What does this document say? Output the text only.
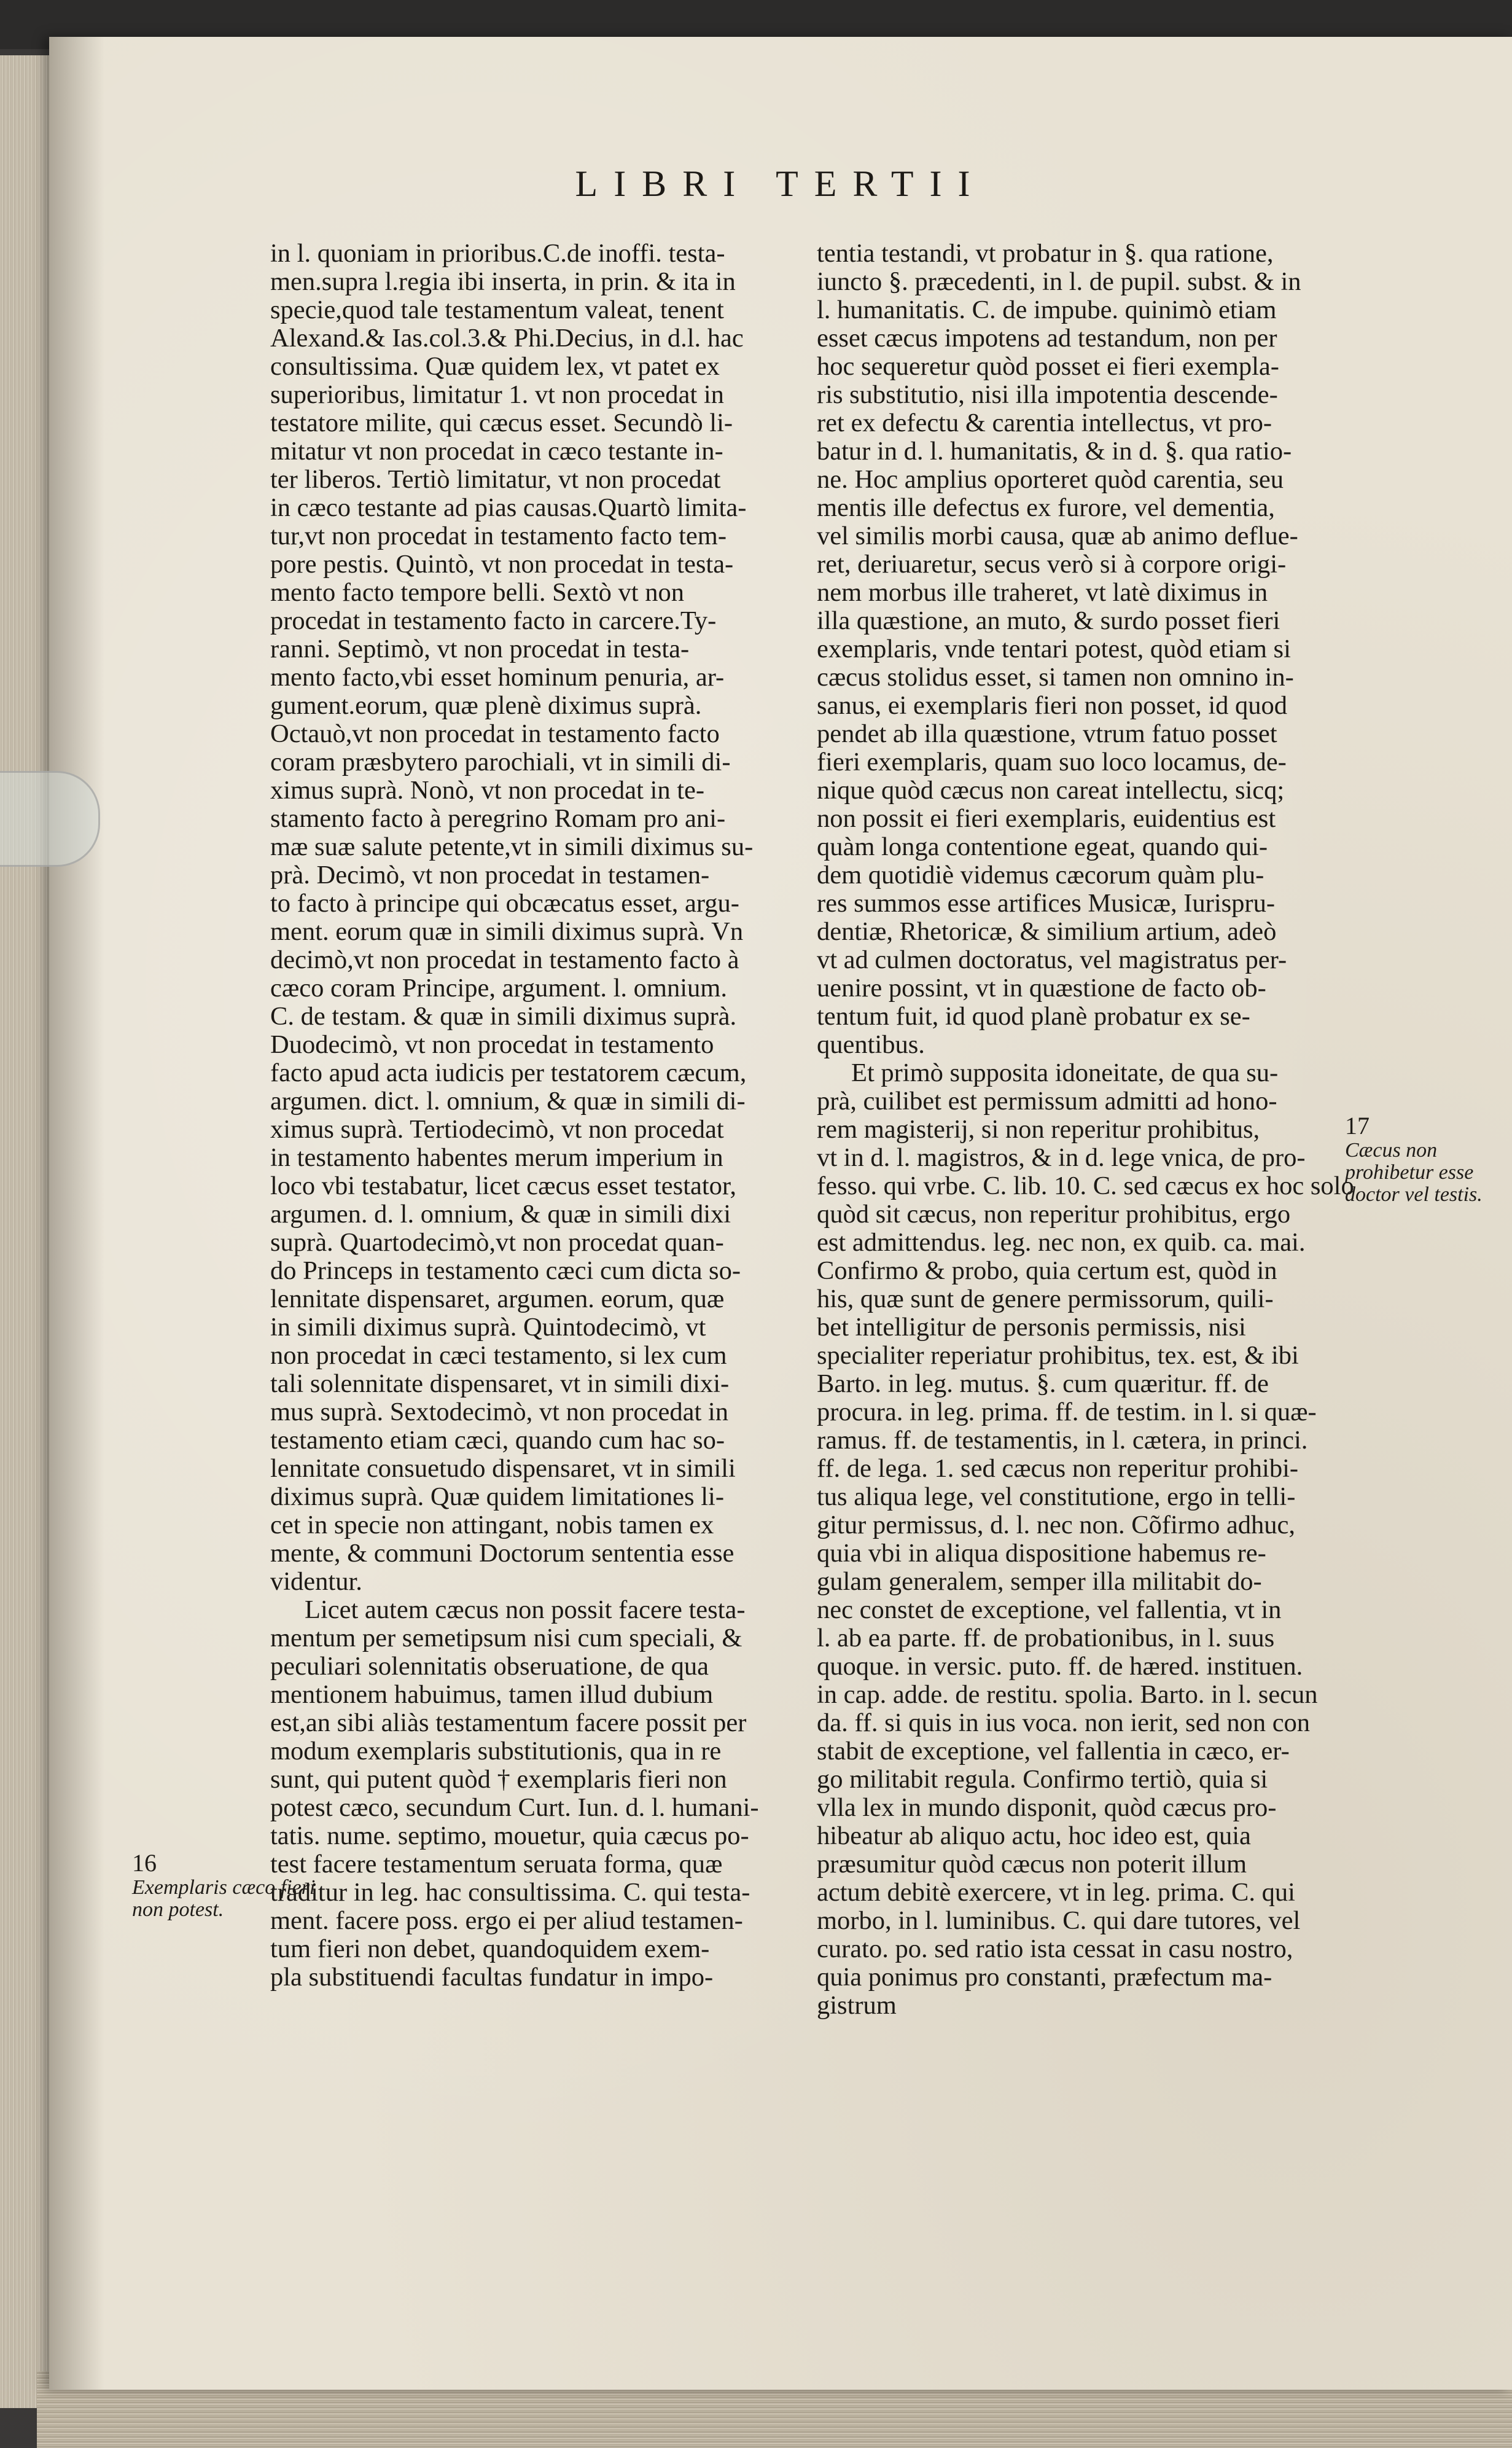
LIBRI TERTII
in l. quoniam in prioribus.C.de inoffi. testa-
men.supra l.regia ibi inserta, in prin. & ita in
specie,quod tale testamentum valeat, tenent
Alexand.& Ias.col.3.& Phi.Decius, in d.l. hac
consultissima. Quæ quidem lex, vt patet ex
superioribus, limitatur 1. vt non procedat in
testatore milite, qui cæcus esset. Secundò li-
mitatur vt non procedat in cæco testante in-
ter liberos. Tertiò limitatur, vt non procedat
in cæco testante ad pias causas.Quartò limita-
tur,vt non procedat in testamento facto tem-
pore pestis. Quintò, vt non procedat in testa-
mento facto tempore belli. Sextò vt non
procedat in testamento facto in carcere.Ty-
ranni. Septimò, vt non procedat in testa-
mento facto,vbi esset hominum penuria, ar-
gument.eorum, quæ plenè diximus suprà.
Octauò,vt non procedat in testamento facto
coram præsbytero parochiali, vt in simili di-
ximus suprà. Nonò, vt non procedat in te-
stamento facto à peregrino Romam pro ani-
mæ suæ salute petente,vt in simili diximus su-
prà. Decimò, vt non procedat in testamen-
to facto à principe qui obcæcatus esset, argu-
ment. eorum quæ in simili diximus suprà. Vn
decimò,vt non procedat in testamento facto à
cæco coram Principe, argument. l. omnium.
C. de testam. & quæ in simili diximus suprà.
Duodecimò, vt non procedat in testamento
facto apud acta iudicis per testatorem cæcum,
argumen. dict. l. omnium, & quæ in simili di-
ximus suprà. Tertiodecimò, vt non procedat
in testamento habentes merum imperium in
loco vbi testabatur, licet cæcus esset testator,
argumen. d. l. omnium, & quæ in simili dixi
suprà. Quartodecimò,vt non procedat quan-
do Princeps in testamento cæci cum dicta so-
lennitate dispensaret, argumen. eorum, quæ
in simili diximus suprà. Quintodecimò, vt
non procedat in cæci testamento, si lex cum
tali solennitate dispensaret, vt in simili dixi-
mus suprà. Sextodecimò, vt non procedat in
testamento etiam cæci, quando cum hac so-
lennitate consuetudo dispensaret, vt in simili
diximus suprà. Quæ quidem limitationes li-
cet in specie non attingant, nobis tamen ex
mente, & communi Doctorum sententia esse
videntur.
Licet autem cæcus non possit facere testa-
mentum per semetipsum nisi cum speciali, &
peculiari solennitatis obseruatione, de qua
mentionem habuimus, tamen illud dubium
est,an sibi aliàs testamentum facere possit per
modum exemplaris substitutionis, qua in re
sunt, qui putent quòd † exemplaris fieri non
potest cæco, secundum Curt. Iun. d. l. humani-
tatis. nume. septimo, mouetur, quia cæcus po-
test facere testamentum seruata forma, quæ
traditur in leg. hac consultissima. C. qui testa-
ment. facere poss. ergo ei per aliud testamen-
tum fieri non debet, quandoquidem exem-
pla substituendi facultas fundatur in impo-
tentia testandi, vt probatur in §. qua ratione,
iuncto §. præcedenti, in l. de pupil. subst. & in
l. humanitatis. C. de impube. quinimò etiam
esset cæcus impotens ad testandum, non per
hoc sequeretur quòd posset ei fieri exempla-
ris substitutio, nisi illa impotentia descende-
ret ex defectu & carentia intellectus, vt pro-
batur in d. l. humanitatis, & in d. §. qua ratio-
ne. Hoc amplius oporteret quòd carentia, seu
mentis ille defectus ex furore, vel dementia,
vel similis morbi causa, quæ ab animo deflue-
ret, deriuaretur, secus verò si à corpore origi-
nem morbus ille traheret, vt latè diximus in
illa quæstione, an muto, & surdo posset fieri
exemplaris, vnde tentari potest, quòd etiam si
cæcus stolidus esset, si tamen non omnino in-
sanus, ei exemplaris fieri non posset, id quod
pendet ab illa quæstione, vtrum fatuo posset
fieri exemplaris, quam suo loco locamus, de-
nique quòd cæcus non careat intellectu, sicq;
non possit ei fieri exemplaris, euidentius est
quàm longa contentione egeat, quando qui-
dem quotidiè videmus cæcorum quàm plu-
res summos esse artifices Musicæ, Iurispru-
dentiæ, Rhetoricæ, & similium artium, adeò
vt ad culmen doctoratus, vel magistratus per-
uenire possint, vt in quæstione de facto ob-
tentum fuit, id quod planè probatur ex se-
quentibus.
Et primò supposita idoneitate, de qua su-
prà, cuilibet est permissum admitti ad hono-
rem magisterij, si non reperitur prohibitus,
vt in d. l. magistros, & in d. lege vnica, de pro-
fesso. qui vrbe. C. lib. 10. C. sed cæcus ex hoc solo
quòd sit cæcus, non reperitur prohibitus, ergo
est admittendus. leg. nec non, ex quib. ca. mai.
Confirmo & probo, quia certum est, quòd in
his, quæ sunt de genere permissorum, quili-
bet intelligitur de personis permissis, nisi
specialiter reperiatur prohibitus, tex. est, & ibi
Barto. in leg. mutus. §. cum quæritur. ff. de
procura. in leg. prima. ff. de testim. in l. si quæ-
ramus. ff. de testamentis, in l. cætera, in princi.
ff. de lega. 1. sed cæcus non reperitur prohibi-
tus aliqua lege, vel constitutione, ergo in telli-
gitur permissus, d. l. nec non. Cõfirmo adhuc,
quia vbi in aliqua dispositione habemus re-
gulam generalem, semper illa militabit do-
nec constet de exceptione, vel fallentia, vt in
l. ab ea parte. ff. de probationibus, in l. suus
quoque. in versic. puto. ff. de hæred. instituen.
in cap. adde. de restitu. spolia. Barto. in l. secun
da. ff. si quis in ius voca. non ierit, sed non con
stabit de exceptione, vel fallentia in cæco, er-
go militabit regula. Confirmo tertiò, quia si
vlla lex in mundo disponit, quòd cæcus pro-
hibeatur ab aliquo actu, hoc ideo est, quia
præsumitur quòd cæcus non poterit illum
actum debitè exercere, vt in leg. prima. C. qui
morbo, in l. luminibus. C. qui dare tutores, vel
curato. po. sed ratio ista cessat in casu nostro,
quia ponimus pro constanti, præfectum ma-
gistrum
16
Exemplaris cæco fieri non potest.
17
Cæcus non prohibetur esse doctor vel testis.
